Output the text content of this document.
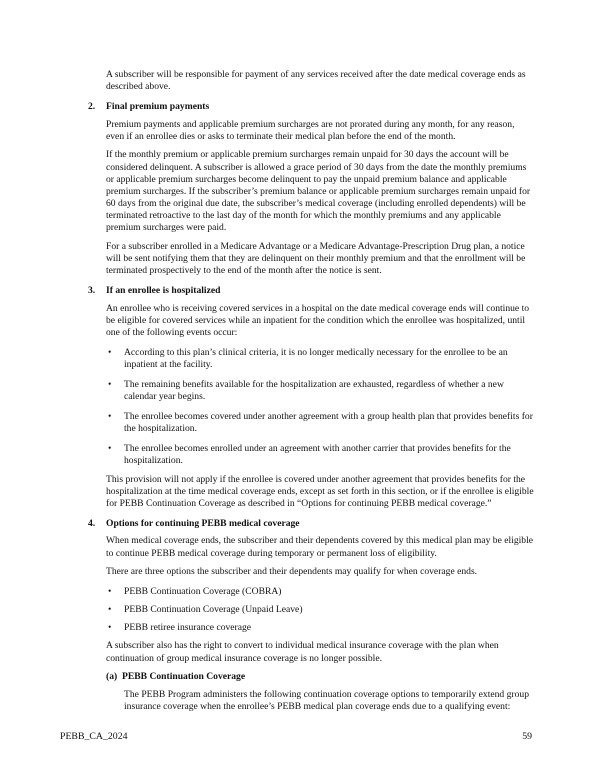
A subscriber will be responsible for payment of any services received after the date medical coverage ends as described above.

2. Final premium payments

Premium payments and applicable premium surcharges are not prorated during any month, for any reason, even if an enrollee dies or asks to terminate their medical plan before the end of the month.

If the monthly premium or applicable premium surcharges remain unpaid for 30 days the account will be considered delinquent. A subscriber is allowed a grace period of 30 days from the date the monthly premiums or applicable premium surcharges become delinquent to pay the unpaid premium balance and applicable premium surcharges. If the subscriber’s premium balance or applicable premium surcharges remain unpaid for 60 days from the original due date, the subscriber’s medical coverage (including enrolled dependents) will be terminated retroactive to the last day of the month for which the monthly premiums and any applicable premium surcharges were paid.

For a subscriber enrolled in a Medicare Advantage or a Medicare Advantage-Prescription Drug plan, a notice will be sent notifying them that they are delinquent on their monthly premium and that the enrollment will be terminated prospectively to the end of the month after the notice is sent.

3. If an enrollee is hospitalized

An enrollee who is receiving covered services in a hospital on the date medical coverage ends will continue to be eligible for covered services while an inpatient for the condition which the enrollee was hospitalized, until one of the following events occur:

• According to this plan’s clinical criteria, it is no longer medically necessary for the enrollee to be an inpatient at the facility.
• The remaining benefits available for the hospitalization are exhausted, regardless of whether a new calendar year begins.
• The enrollee becomes covered under another agreement with a group health plan that provides benefits for the hospitalization.
• The enrollee becomes enrolled under an agreement with another carrier that provides benefits for the hospitalization.

This provision will not apply if the enrollee is covered under another agreement that provides benefits for the hospitalization at the time medical coverage ends, except as set forth in this section, or if the enrollee is eligible for PEBB Continuation Coverage as described in “Options for continuing PEBB medical coverage.”

4. Options for continuing PEBB medical coverage

When medical coverage ends, the subscriber and their dependents covered by this medical plan may be eligible to continue PEBB medical coverage during temporary or permanent loss of eligibility.

There are three options the subscriber and their dependents may qualify for when coverage ends.

• PEBB Continuation Coverage (COBRA)
• PEBB Continuation Coverage (Unpaid Leave)
• PEBB retiree insurance coverage

A subscriber also has the right to convert to individual medical insurance coverage with the plan when continuation of group medical insurance coverage is no longer possible.

(a) PEBB Continuation Coverage

The PEBB Program administers the following continuation coverage options to temporarily extend group insurance coverage when the enrollee’s PEBB medical plan coverage ends due to a qualifying event:

PEBB_CA_2024	59
